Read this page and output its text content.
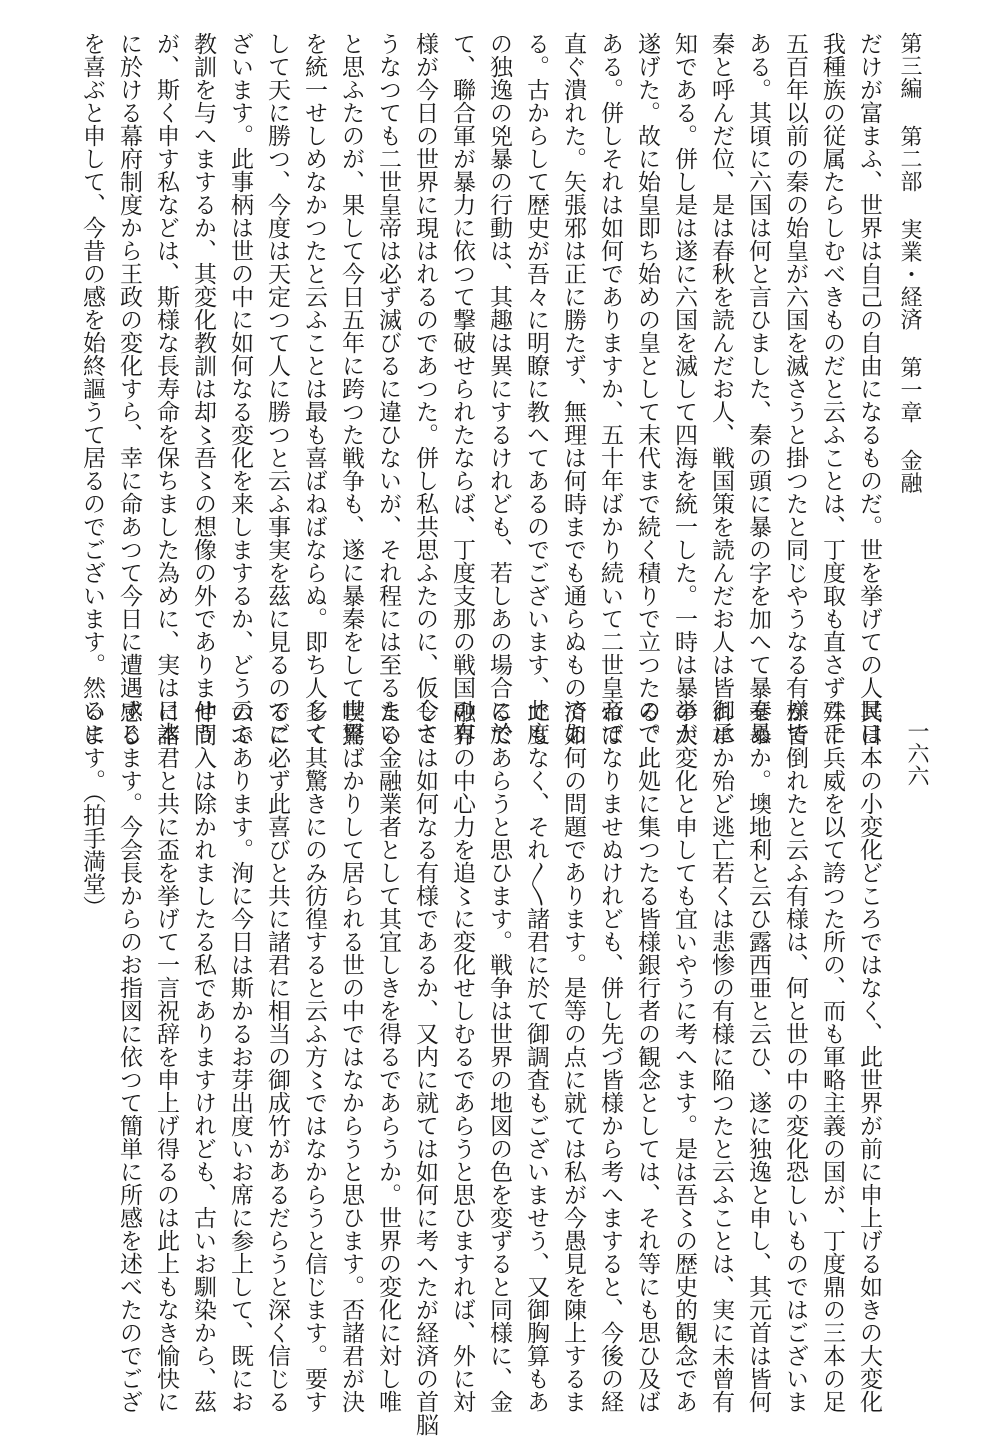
第三編 第二部 実業・経済 第一章 金融
だけが富まふ、世界は自己の自由になるものだ。世を挙げての人民は
我種族の従属たらしむべきものだと云ふことは、丁度取も直さず二千
五百年以前の秦の始皇が六国を滅さうと掛つたと同じやうなる有様で
ある。其頃に六国は何と言ひました、秦の頭に暴の字を加へて暴秦暴
秦と呼んだ位、是は春秋を読んだお人、戦国策を読んだお人は皆御承
知である。併し是は遂に六国を滅して四海を統一した。一時は暴挙が
遂げた。故に始皇即ち始めの皇として末代まで続く積りで立つたので
ある。併しそれは如何でありますか、五十年ばかり続いて二世皇帝で
直ぐ潰れた。矢張邪は正に勝たず、無理は何時までも通らぬものであ
る。古からして歴史が吾々に明瞭に教へてあるのでございます、此度
の独逸の兇暴の行動は、其趣は異にするけれども、若しあの場合に於
て、聯合軍が暴力に依つて撃破せられたならば、丁度支那の戦国の有
様が今日の世界に現はれるのであつた。併し私共思ふたのに、仮令さ
うなつても二世皇帝は必ず滅びるに違ひないが、それ程には至るまい
と思ふたのが、果して今日五年に跨つた戦争も、遂に暴秦をして世界
を統一せしめなかつたと云ふことは最も喜ばねばならぬ。即ち人多く
して天に勝つ、今度は天定つて人に勝つと云ふ事実を茲に見るのでご
ざいます。此事柄は世の中に如何なる変化を来しまするか、どう云ふ
教訓を与へまするか、其変化教訓は却〻吾〻の想像の外でありませう
が、斯く申す私などは、斯様な長寿命を保ちました為めに、実は日本
に於ける幕府制度から王政の変化すら、幸に命あつて今日に遭遇する
を喜ぶと申して、今昔の感を始終謳うて居るのでございます。然るに
一六六
其日本の小変化どころではなく、此世界が前に申上げる如きの大変化
殊に兵威を以て誇つた所の、而も軍略主義の国が、丁度鼎の三本の足
が皆倒れたと云ふ有様は、何と世の中の変化恐しいものではございま
せぬか。墺地利と云ひ露西亜と云ひ、遂に独逸と申し、其元首は皆何
れにか殆ど逃亡若くは悲惨の有様に陥つたと云ふことは、実に未曾有
の大変化と申しても宜いやうに考へます。是は吾〻の歴史的観念であ
る。此処に集つたる皆様銀行者の観念としては、それ等にも思ひ及ば
ねばなりませぬけれども、併し先づ皆様から考へますると、今後の経
済如何の問題であります。是等の点に就ては私が今愚見を陳上するま
でもなく、それ〳〵諸君に於て御調査もございませう、又御胸算もあ
るであらうと思ひます。戦争は世界の地図の色を変ずると同様に、金
融界の中心力を追〻に変化せしむるであらうと思ひますれば、外に対
しては如何なる有様であるか、又内に就ては如何に考へたが経済の首脳
たる金融業者として其宜しきを得るであらうか。世界の変化に対し唯
喫驚ばかりして居られる世の中ではなからうと思ひます。否諸君が決
して其驚きにのみ彷徨すると云ふ方〻ではなからうと信じます。要す
るに必ず此喜びと共に諸君に相当の御成竹があるだらうと深く信じる
のであります。洵に今日は斯かるお芽出度いお席に参上して、既にお
仲間入は除かれましたる私でありますけれども、古いお馴染から、茲
に諸君と共に盃を挙げて一言祝辞を申上げ得るのは此上もなき愉快に
感じます。今会長からのお指図に依つて簡単に所感を述べたのでござ
います。（拍手満堂）
